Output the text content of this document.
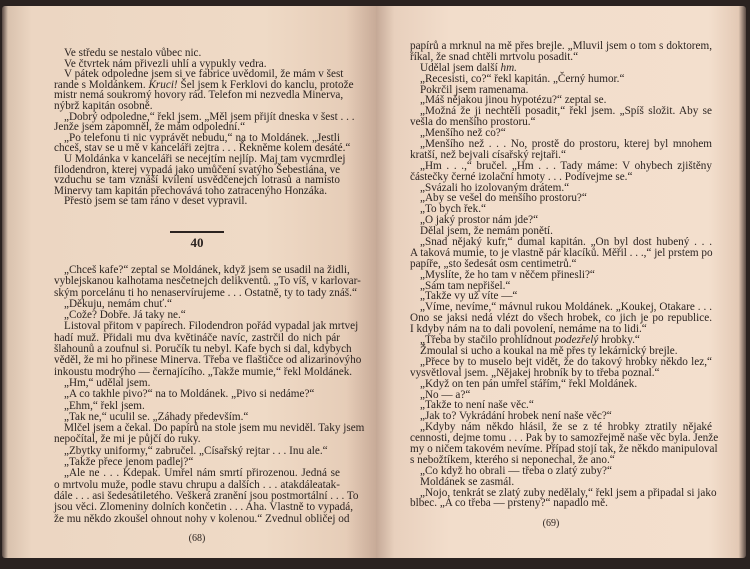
Ve středu se nestalo vůbec nic.
Ve čtvrtek nám přivezli uhlí a vypukly vedra.
V pátek odpoledne jsem si ve fabrice uvědomil, že mám v šest
rande s Moldánkem. Kruci! Šel jsem k Ferklovi do kanclu, protože
mistr nemá soukromý hovory rád. Telefon mi nezvedla Minerva,
nýbrž kapitán osobně.
„Dobrý odpoledne,“ řekl jsem. „Měl jsem přijít dneska v šest . . .
Jenže jsem zapomněl, že mám odpolední.“
„Po telefonu ti nic vyprávět nebudu,“ na to Moldánek. „Jestli
chceš, stav se u mě v kanceláři zejtra . . . Řekněme kolem desáté.“
U Moldánka v kanceláři se necejtím nejlíp. Maj tam vycmrdlej
filodendron, kterej vypadá jako umůčení svatýho Šebestiána, ve
vzduchu se tam vznáší kvílení usvědčenejch lotrasů a namísto
Minervy tam kapitán přechovává toho zatracenýho Honzáka.
Přesto jsem se tam ráno v deset vypravil.
40
„Chceš kafe?“ zeptal se Moldánek, když jsem se usadil na židli,
vyblejskanou kalhotama nesčetnejch delikventů. „To víš, v karlovar-
ským porcelánu ti ho nenaservírujeme . . . Ostatně, ty to tady znáš.“
„Děkuju, nemám chuť.“
„Cože? Dobře. Já taky ne.“
Listoval přitom v papírech. Filodendron pořád vypadal jak mrtvej
hadí muž. Přidali mu dva květináče navíc, zastrčil do nich pár
šlahounů a zoufnul si. Poručík tu nebyl. Kafe bych si dal, kdybych
věděl, že mi ho přinese Minerva. Třeba ve flaštičce od alizarinovýho
inkoustu modrýho — černajícího. „Takže mumie,“ řekl Moldánek.
„Hm,“ udělal jsem.
„A co takhle pivo?“ na to Moldánek. „Pivo si nedáme?“
„Ehm,“ řekl jsem.
„Tak ne,“ uculil se. „Záhady především.“
Mlčel jsem a čekal. Do papírů na stole jsem mu neviděl. Taky jsem
nepočítal, že mi je půjčí do ruky.
„Zbytky uniformy,“ zabručel. „Císařský rejtar . . . Inu ale.“
„Takže přece jenom padlej?“
„Ale ne . . . Kdepak. Umřel nám smrtí přirozenou. Jedná se
o mrtvolu muže, podle stavu chrupu a dalších . . . atakdáleatak-
dále . . . asi šedesátiletého. Veškerá zranění jsou postmortální . . . To
jsou věci. Zlomeniny dolních končetin . . . Aha. Vlastně to vypadá,
že mu někdo zkoušel ohnout nohy v kolenou.“ Zvednul obličej od
(68)
papírů a mrknul na mě přes brejle. „Mluvil jsem o tom s doktorem,
říkal, že snad chtěli mrtvolu posadit.“
Udělal jsem další hm.
„Recesisti, co?“ řekl kapitán. „Černý humor.“
Pokrčil jsem ramenama.
„Máš nějakou jinou hypotézu?“ zeptal se.
„Možná že ji nechtěli posadit,“ řekl jsem. „Spíš složit. Aby se
vešla do menšího prostoru.“
„Menšího než co?“
„Menšího než . . . No, prostě do prostoru, kterej byl mnohem
kratší, než bejvali císařský rejtaři.“
„Hm . . .,“ bručel. „Hm . . . Tady máme: V ohybech zjištěny
částečky černé izolační hmoty . . . Podívejme se.“
„Svázali ho izolovaným drátem.“
„Aby se vešel do menšího prostoru?“
„To bych řek.“
„O jaký prostor nám jde?“
Dělal jsem, že nemám ponětí.
„Snad nějaký kufr,“ dumal kapitán. „On byl dost hubený . . .
A taková mumie, to je vlastně pár klacíků. Měřil . . .,“ jel prstem po
papíře, „sto šedesát osm centimetrů.“
„Myslíte, že ho tam v něčem přinesli?“
„Sám tam nepřišel.“
„Takže vy už víte —“
„Víme, nevíme,“ mávnul rukou Moldánek. „Koukej, Otakare . . .
Ono se jaksi nedá vlézt do všech hrobek, co jich je po republice.
I kdyby nám na to dali povolení, nemáme na to lidi.“
„Třeba by stačilo prohlídnout podezřelý hrobky.“
Žmoulal si ucho a koukal na mě přes ty lekárnický brejle.
„Přece by to muselo bejt vidět, že do takový hrobky někdo lez,“
vysvětloval jsem. „Nějakej hrobník by to třeba poznal.“
„Když on ten pán umřel stářím,“ řekl Moldánek.
„No — a?“
„Takže to není naše věc.“
„Jak to? Vykrádání hrobek není naše věc?“
„Kdyby nám někdo hlásil, že se z té hrobky ztratily nějaké
cennosti, dejme tomu . . . Pak by to samozřejmě naše věc byla. Jenže
my o ničem takovém nevíme. Případ stojí tak, že někdo manipuloval
s nebožtíkem, kterého si neponechal, že ano.“
„Co když ho obrali — třeba o zlatý zuby?“
Moldánek se zasmál.
„Nojo, tenkrát se zlatý zuby nedělaly,“ řekl jsem a připadal si jako
blbec. „A co třeba — prsteny?“ napadlo mě.
(69)
